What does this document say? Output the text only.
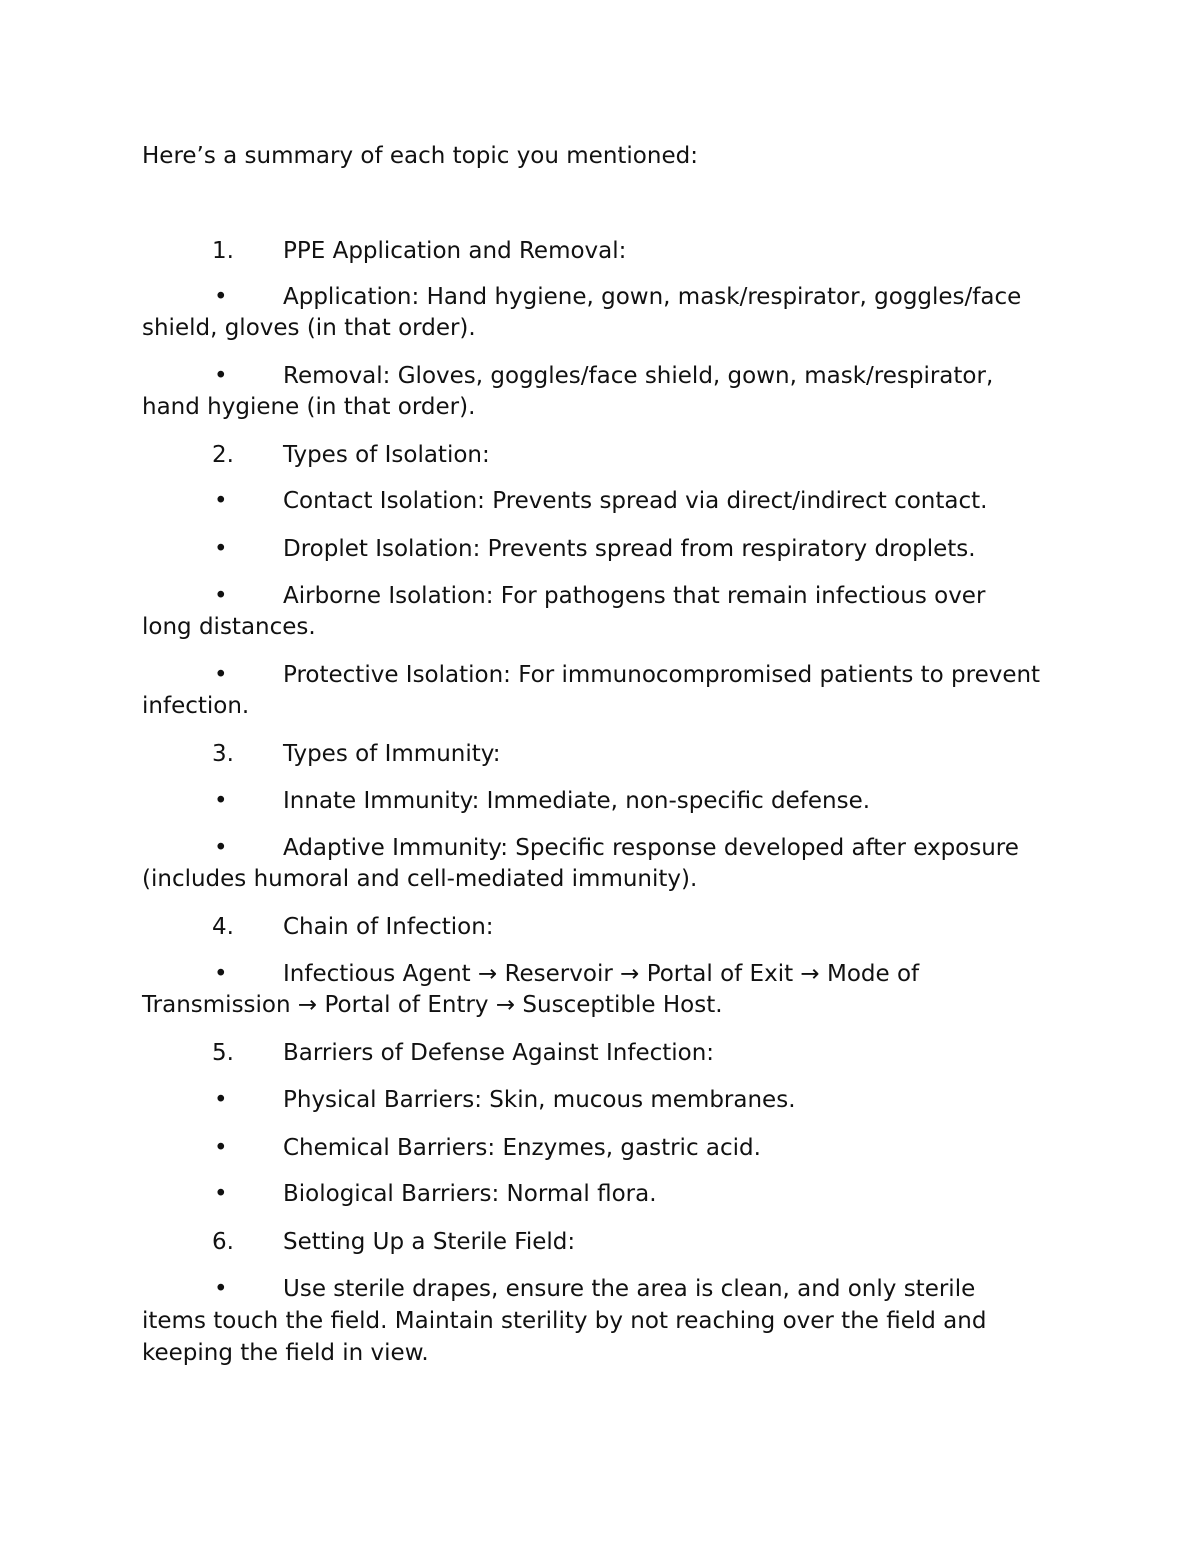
Here’s a summary of each topic you mentioned:
1. PPE Application and Removal:
• Application: Hand hygiene, gown, mask/respirator, goggles/face
shield, gloves (in that order).
• Removal: Gloves, goggles/face shield, gown, mask/respirator,
hand hygiene (in that order).
2. Types of Isolation:
• Contact Isolation: Prevents spread via direct/indirect contact.
• Droplet Isolation: Prevents spread from respiratory droplets.
• Airborne Isolation: For pathogens that remain infectious over
long distances.
• Protective Isolation: For immunocompromised patients to prevent
infection.
3. Types of Immunity:
• Innate Immunity: Immediate, non-specific defense.
• Adaptive Immunity: Specific response developed after exposure
(includes humoral and cell-mediated immunity).
4. Chain of Infection:
• Infectious Agent → Reservoir → Portal of Exit → Mode of
Transmission → Portal of Entry → Susceptible Host.
5. Barriers of Defense Against Infection:
• Physical Barriers: Skin, mucous membranes.
• Chemical Barriers: Enzymes, gastric acid.
• Biological Barriers: Normal flora.
6. Setting Up a Sterile Field:
• Use sterile drapes, ensure the area is clean, and only sterile
items touch the field. Maintain sterility by not reaching over the field and
keeping the field in view.
